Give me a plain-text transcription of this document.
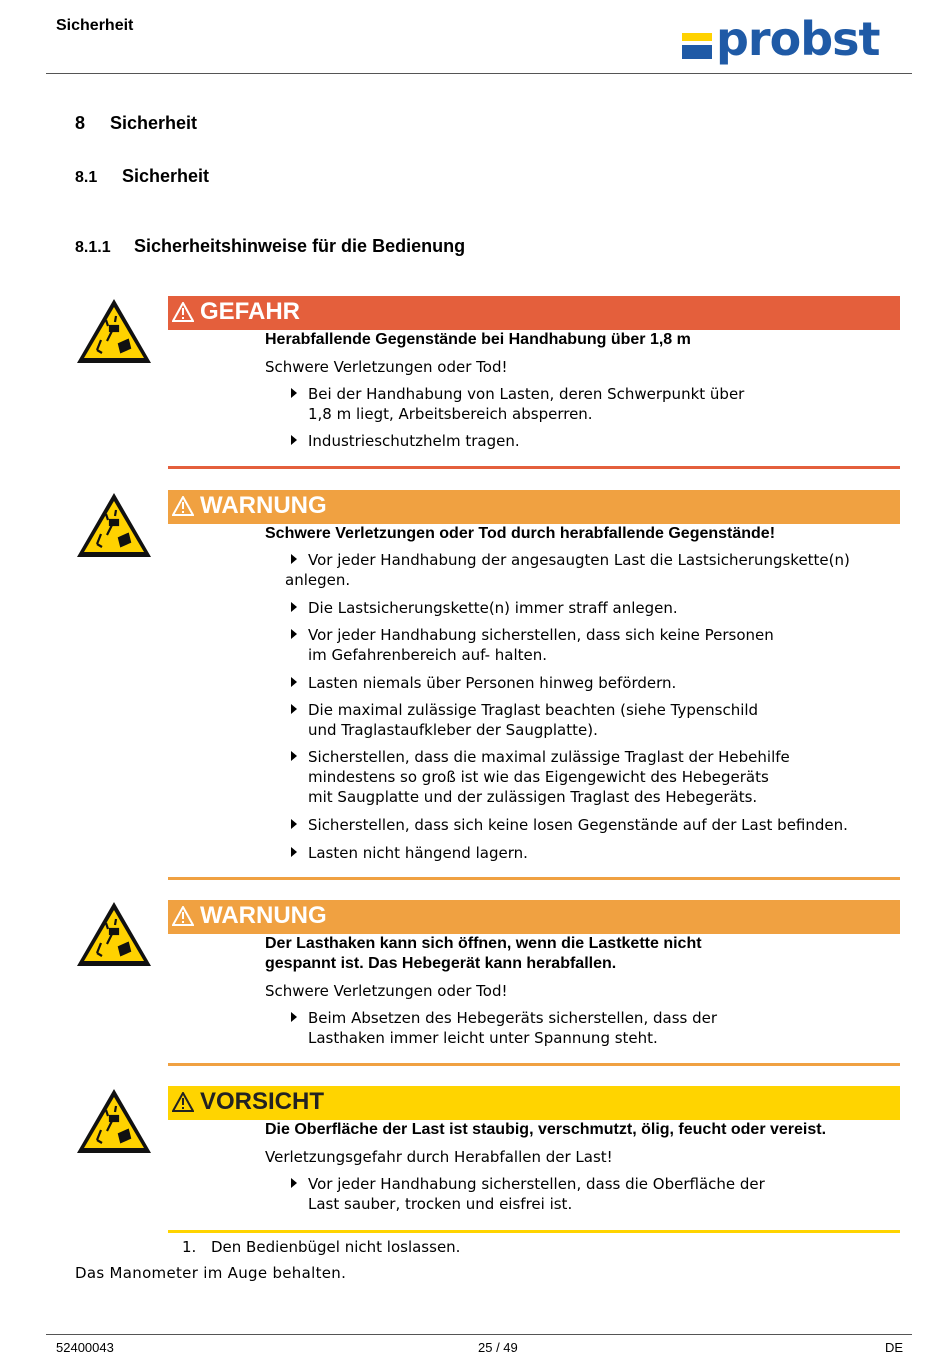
Sicherheit	probst
8 Sicherheit
8.1 Sicherheit
8.1.1 Sicherheitshinweise für die Bedienung
GEFAHR
Herabfallende Gegenstände bei Handhabung über 1,8 m
Schwere Verletzungen oder Tod!
Bei der Handhabung von Lasten, deren Schwerpunkt über
1,8 m liegt, Arbeitsbereich absperren.
Industrieschutzhelm tragen.
WARNUNG
Schwere Verletzungen oder Tod durch herabfallende Gegenstände!
Vor jeder Handhabung der angesaugten Last die Lastsicherungskette(n)
anlegen.
Die Lastsicherungskette(n) immer straff anlegen.
Vor jeder Handhabung sicherstellen, dass sich keine Personen
im Gefahrenbereich auf- halten.
Lasten niemals über Personen hinweg befördern.
Die maximal zulässige Traglast beachten (siehe Typenschild
und Traglastaufkleber der Saugplatte).
Sicherstellen, dass die maximal zulässige Traglast der Hebehilfe
mindestens so groß ist wie das Eigengewicht des Hebegeräts
mit Saugplatte und der zulässigen Traglast des Hebegeräts.
Sicherstellen, dass sich keine losen Gegenstände auf der Last befinden.
Lasten nicht hängend lagern.
WARNUNG
Der Lasthaken kann sich öffnen, wenn die Lastkette nicht
gespannt ist. Das Hebegerät kann herabfallen.
Schwere Verletzungen oder Tod!
Beim Absetzen des Hebegeräts sicherstellen, dass der
Lasthaken immer leicht unter Spannung steht.
VORSICHT
Die Oberfläche der Last ist staubig, verschmutzt, ölig, feucht oder vereist.
Verletzungsgefahr durch Herabfallen der Last!
Vor jeder Handhabung sicherstellen, dass die Oberfläche der
Last sauber, trocken und eisfrei ist.
1. Den Bedienbügel nicht loslassen.
Das Manometer im Auge behalten.
52400043	25 / 49	DE
